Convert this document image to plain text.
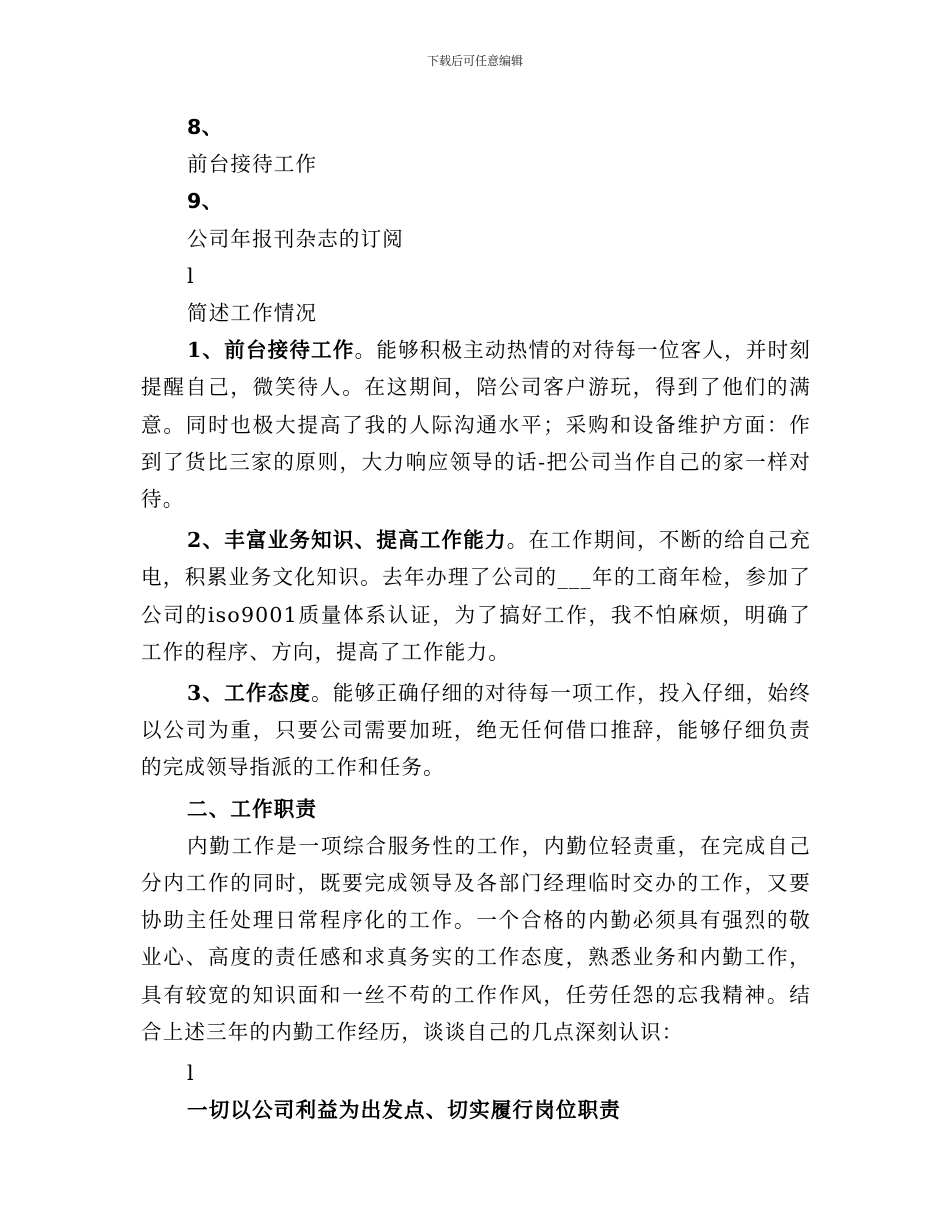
下载后可任意编辑

8、

前台接待工作

9、

公司年报刊杂志的订阅

l

简述工作情况

1、前台接待工作。能够积极主动热情的对待每一位客人，并时刻提醒自己，微笑待人。在这期间，陪公司客户游玩，得到了他们的满意。同时也极大提高了我的人际沟通水平；采购和设备维护方面：作到了货比三家的原则，大力响应领导的话-把公司当作自己的家一样对待。

2、丰富业务知识、提高工作能力。在工作期间，不断的给自己充电，积累业务文化知识。去年办理了公司的___年的工商年检，参加了公司的iso9001质量体系认证，为了搞好工作，我不怕麻烦，明确了工作的程序、方向，提高了工作能力。

3、工作态度。能够正确仔细的对待每一项工作，投入仔细，始终以公司为重，只要公司需要加班，绝无任何借口推辞，能够仔细负责的完成领导指派的工作和任务。

二、工作职责

内勤工作是一项综合服务性的工作，内勤位轻责重，在完成自己分内工作的同时，既要完成领导及各部门经理临时交办的工作，又要协助主任处理日常程序化的工作。一个合格的内勤必须具有强烈的敬业心、高度的责任感和求真务实的工作态度，熟悉业务和内勤工作，具有较宽的知识面和一丝不苟的工作作风，任劳任怨的忘我精神。结合上述三年的内勤工作经历，谈谈自己的几点深刻认识：

l

一切以公司利益为出发点、切实履行岗位职责
